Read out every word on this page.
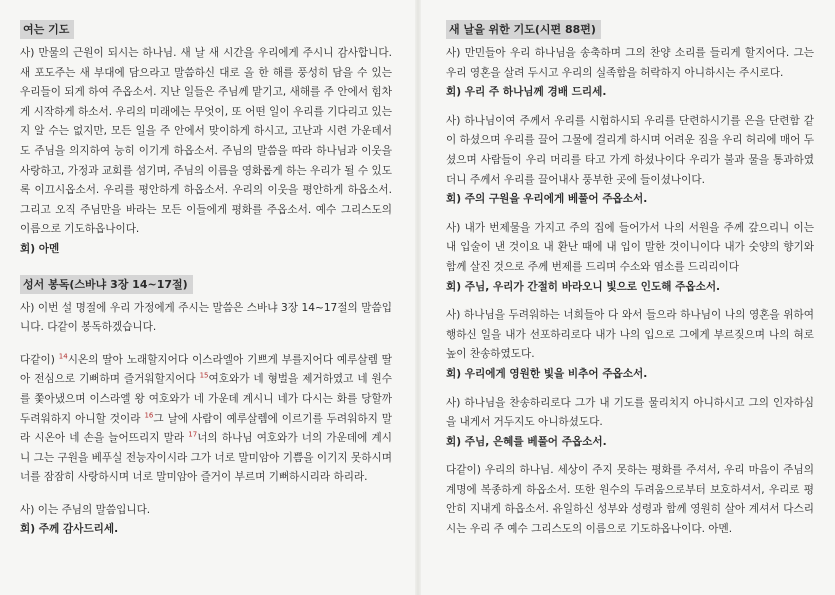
여는 기도

사) 만물의 근원이 되시는 하나님. 새 날 새 시간을 우리에게 주시니 감사합니다. 새 포도주는 새 부대에 담으라고 말씀하신 대로 올 한 해를 풍성히 담을 수 있는 우리들이 되게 하여 주옵소서. 지난 일들은 주님께 맡기고, 새해를 주 안에서 힘차게 시작하게 하소서. 우리의 미래에는 무엇이, 또 어떤 일이 우리를 기다리고 있는지 알 수는 없지만, 모든 일을 주 안에서 맞이하게 하시고, 고난과 시련 가운데서도 주님을 의지하여 능히 이기게 하옵소서. 주님의 말씀을 따라 하나님과 이웃을 사랑하고, 가정과 교회를 섬기며, 주님의 이름을 영화롭게 하는 우리가 될 수 있도록 이끄시옵소서. 우리를 평안하게 하옵소서. 우리의 이웃을 평안하게 하옵소서. 그리고 오직 주님만을 바라는 모든 이들에게 평화를 주옵소서. 예수 그리스도의 이름으로 기도하옵나이다.
회) 아멘

성서 봉독(스바냐 3장 14~17절)

사) 이번 설 명절에 우리 가정에게 주시는 말씀은 스바냐 3장 14~17절의 말씀입니다. 다같이 봉독하겠습니다.

다같이) $^{14}$시온의 딸아 노래할지어다 이스라엘아 기쁘게 부를지어다 예루살렘 딸아 전심으로 기뻐하며 즐거워할지어다 $^{15}$여호와가 네 형벌을 제거하였고 네 원수를 쫓아냈으며 이스라엘 왕 여호와가 네 가운데 계시니 네가 다시는 화를 당할까 두려워하지 아니할 것이라 $^{16}$그 날에 사람이 예루살렘에 이르기를 두려워하지 말라 시온아 네 손을 늘어뜨리지 말라 $^{17}$너의 하나님 여호와가 너의 가운데에 계시니 그는 구원을 베푸실 전능자이시라 그가 너로 말미암아 기쁨을 이기지 못하시며 너를 잠잠히 사랑하시며 너로 말미암아 즐거이 부르며 기뻐하시리라 하리라.

사) 이는 주님의 말씀입니다.
회) 주께 감사드리세.

새 날을 위한 기도(시편 88편)

사) 만민들아 우리 하나님을 송축하며 그의 찬양 소리를 들리게 할지어다. 그는 우리 영혼을 살려 두시고 우리의 실족함을 허락하지 아니하시는 주시로다.
회) 우리 주 하나님께 경배 드리세.

사) 하나님이여 주께서 우리를 시험하시되 우리를 단련하시기를 은을 단련함 같이 하셨으며 우리를 끌어 그물에 걸리게 하시며 어려운 짐을 우리 허리에 매어 두셨으며 사람들이 우리 머리를 타고 가게 하셨나이다 우리가 불과 물을 통과하였더니 주께서 우리를 끌어내사 풍부한 곳에 들이셨나이다.
회) 주의 구원을 우리에게 베풀어 주옵소서.

사) 내가 번제물을 가지고 주의 집에 들어가서 나의 서원을 주께 갚으리니 이는 내 입술이 낸 것이요 내 환난 때에 내 입이 말한 것이니이다 내가 숫양의 향기와 함께 살진 것으로 주께 번제를 드리며 수소와 염소를 드리리이다
회) 주님, 우리가 간절히 바라오니 빛으로 인도해 주옵소서.

사) 하나님을 두려워하는 너희들아 다 와서 들으라 하나님이 나의 영혼을 위하여 행하신 일을 내가 선포하리로다 내가 나의 입으로 그에게 부르짖으며 나의 혀로 높이 찬송하였도다.
회) 우리에게 영원한 빛을 비추어 주옵소서.

사) 하나님을 찬송하리로다 그가 내 기도를 물리치지 아니하시고 그의 인자하심을 내게서 거두지도 아니하셨도다.
회) 주님, 은혜를 베풀어 주옵소서.

다같이) 우리의 하나님. 세상이 주지 못하는 평화를 주셔서, 우리 마음이 주님의 계명에 복종하게 하옵소서. 또한 원수의 두려움으로부터 보호하셔서, 우리로 평안히 지내게 하옵소서. 유일하신 성부와 성령과 함께 영원히 살아 계셔서 다스리시는 우리 주 예수 그리스도의 이름으로 기도하옵나이다. 아멘.
